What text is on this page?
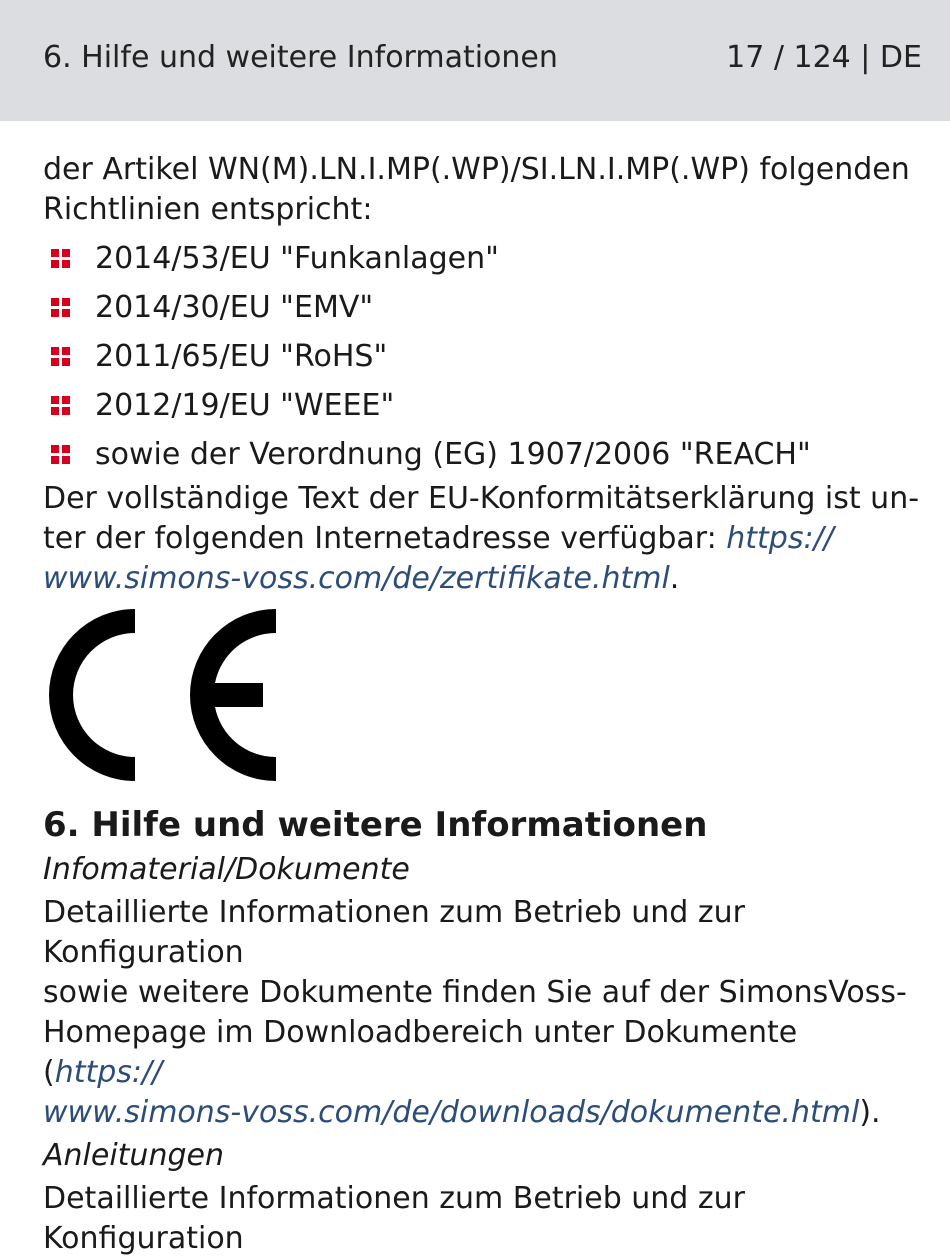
6. Hilfe und weitere Informationen	17 / 124 | DE

der Artikel WN(M).LN.I.MP(.WP)/SI.LN.I.MP(.WP) folgenden Richtlinien entspricht:

2014/53/EU "Funkanlagen"
2014/30/EU "EMV"
2011/65/EU "RoHS"
2012/19/EU "WEEE"
sowie der Verordnung (EG) 1907/2006 "REACH"

Der vollständige Text der EU-Konformitätserklärung ist un-
ter der folgenden Internetadresse verfügbar: https://
www.simons-voss.com/de/zertifikate.html.

6. Hilfe und weitere Informationen

Infomaterial/Dokumente

Detaillierte Informationen zum Betrieb und zur Konfiguration
sowie weitere Dokumente finden Sie auf der SimonsVoss-
Homepage im Downloadbereich unter Dokumente (https://
www.simons-voss.com/de/downloads/dokumente.html).

Anleitungen

Detaillierte Informationen zum Betrieb und zur Konfiguration
